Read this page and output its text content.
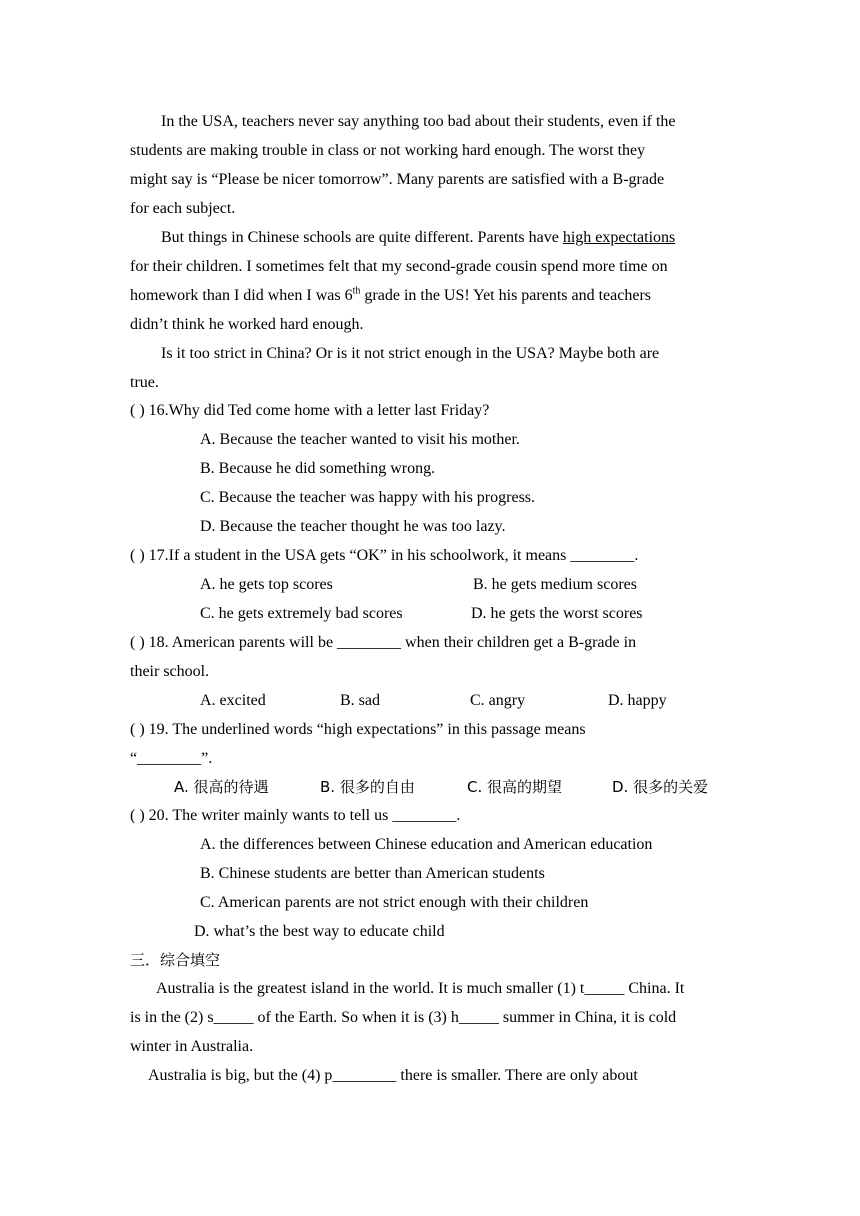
In the USA, teachers never say anything too bad about their students, even if the
students are making trouble in class or not working hard enough. The worst they
might say is “Please be nicer tomorrow”. Many parents are satisfied with a B-grade
for each subject.
But things in Chinese schools are quite different. Parents have high expectations
for their children. I sometimes felt that my second-grade cousin spend more time on
homework than I did when I was 6th grade in the US! Yet his parents and teachers
didn’t think he worked hard enough.
Is it too strict in China? Or is it not strict enough in the USA? Maybe both are
true.
( ) 16.Why did Ted come home with a letter last Friday?
A. Because the teacher wanted to visit his mother.
B. Because he did something wrong.
C. Because the teacher was happy with his progress.
D. Because the teacher thought he was too lazy.
( ) 17.If a student in the USA gets “OK” in his schoolwork, it means ________.
A. he gets top scores	B. he gets medium scores
C. he gets extremely bad scores	D. he gets the worst scores
( ) 18. American parents will be ________ when their children get a B-grade in
their school.
A. excited	B. sad	C. angry	D. happy
( ) 19. The underlined words “high expectations” in this passage means
“________”.
A. 很高的待遇	B. 很多的自由	C. 很高的期望	D. 很多的关爱
( ) 20. The writer mainly wants to tell us ________.
A. the differences between Chinese education and American education
B. Chinese students are better than American students
C. American parents are not strict enough with their children
D. what’s the best way to educate child
三．综合填空
Australia is the greatest island in the world. It is much smaller (1) t_____ China. It
is in the (2) s_____ of the Earth. So when it is (3) h_____ summer in China, it is cold
winter in Australia.
Australia is big, but the (4) p________ there is smaller. There are only about
